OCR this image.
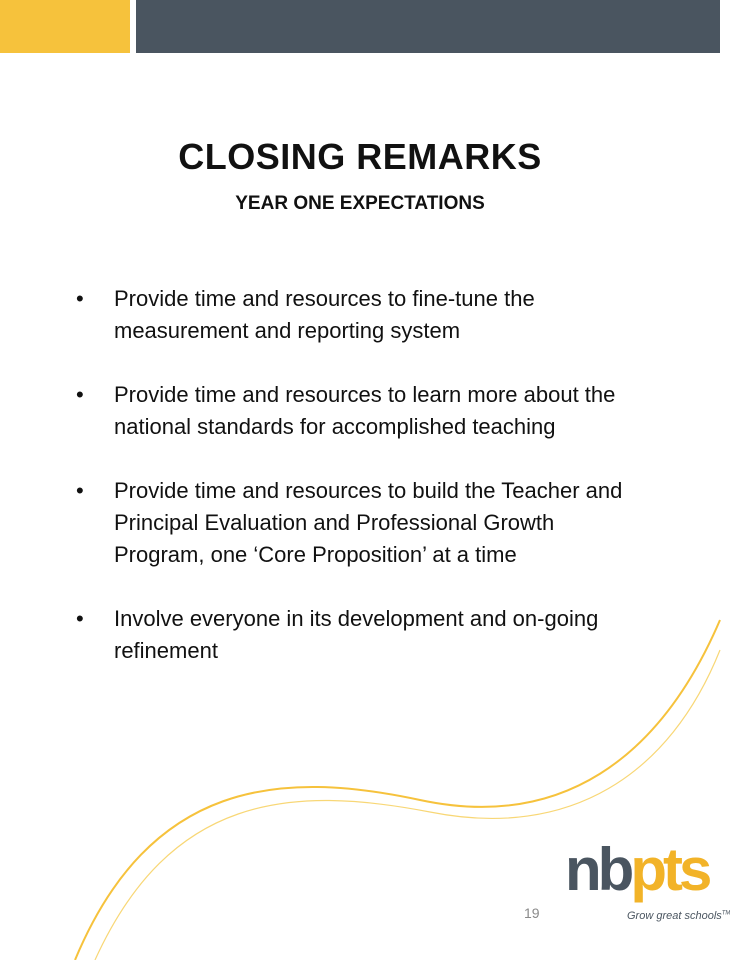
CLOSING REMARKS
YEAR ONE EXPECTATIONS
• Provide time and resources to fine-tune the measurement and reporting system
• Provide time and resources to learn more about the national standards for accomplished teaching
• Provide time and resources to build the Teacher and Principal Evaluation and Professional Growth Program, one ‘Core Proposition’ at a time
• Involve everyone in its development and on-going refinement
19
nbpts
Grow great schools™
